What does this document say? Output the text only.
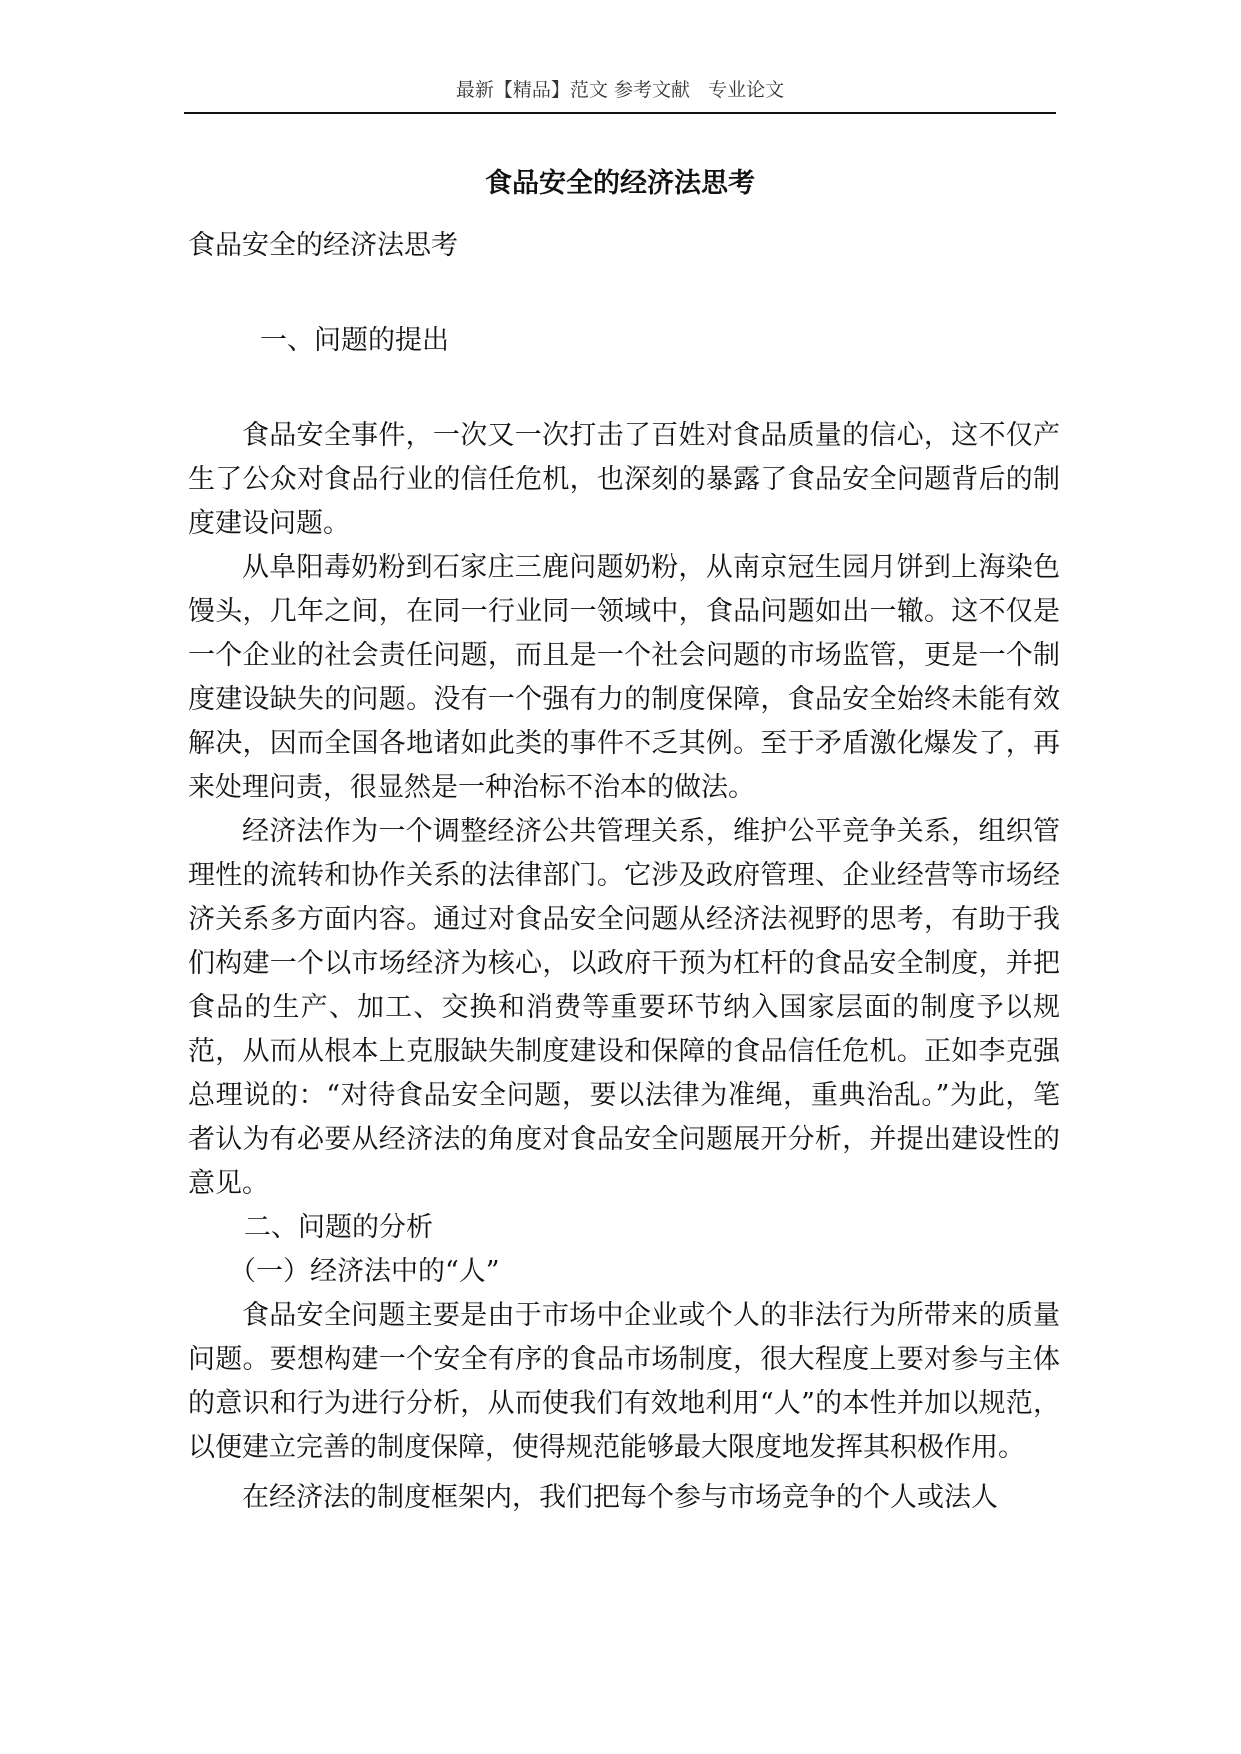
最新【精品】范文 参考文献   专业论文
食品安全的经济法思考

食品安全的经济法思考

一、问题的提出

食品安全事件，一次又一次打击了百姓对食品质量的信心，这不仅产生了公众对食品行业的信任危机，也深刻的暴露了食品安全问题背后的制度建设问题。

从阜阳毒奶粉到石家庄三鹿问题奶粉，从南京冠生园月饼到上海染色馒头，几年之间，在同一行业同一领域中，食品问题如出一辙。这不仅是一个企业的社会责任问题，而且是一个社会问题的市场监管，更是一个制度建设缺失的问题。没有一个强有力的制度保障，食品安全始终未能有效解决，因而全国各地诸如此类的事件不乏其例。至于矛盾激化爆发了，再来处理问责，很显然是一种治标不治本的做法。

经济法作为一个调整经济公共管理关系，维护公平竞争关系，组织管理性的流转和协作关系的法律部门。它涉及政府管理、企业经营等市场经济关系多方面内容。通过对食品安全问题从经济法视野的思考，有助于我们构建一个以市场经济为核心，以政府干预为杠杆的食品安全制度，并把食品的生产、加工、交换和消费等重要环节纳入国家层面的制度予以规范，从而从根本上克服缺失制度建设和保障的食品信任危机。正如李克强总理说的：“对待食品安全问题，要以法律为准绳，重典治乱。”为此，笔者认为有必要从经济法的角度对食品安全问题展开分析，并提出建设性的意见。

二、问题的分析

（一）经济法中的“人”

食品安全问题主要是由于市场中企业或个人的非法行为所带来的质量问题。要想构建一个安全有序的食品市场制度，很大程度上要对参与主体的意识和行为进行分析，从而使我们有效地利用“人”的本性并加以规范，以便建立完善的制度保障，使得规范能够最大限度地发挥其积极作用。

在经济法的制度框架内，我们把每个参与市场竞争的个人或法人
